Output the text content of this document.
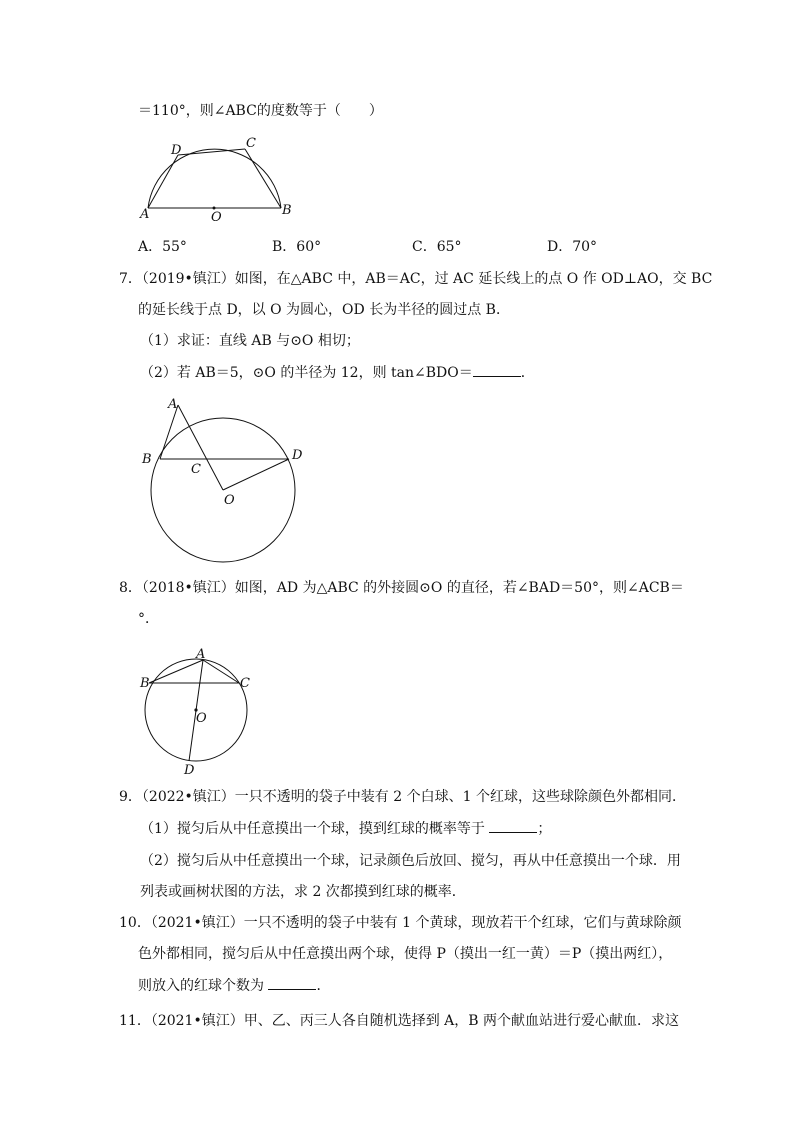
＝110°，则∠ABC的度数等于（　　）
A	B
C
D
O
A．55°	B．60°	C．65°	D．70°
7．（2019•镇江）如图，在△ABC 中，AB＝AC，过 AC 延长线上的点 O 作 OD⊥AO，交 BC
的延长线于点 D，以 O 为圆心，OD 长为半径的圆过点 B．
（1）求证：直线 AB 与⊙O 相切；
（2）若 AB＝5，⊙O 的半径为 12，则 tan∠BDO＝	．
A
B
C
D
O
8．（2018•镇江）如图，AD 为△ABC 的外接圆⊙O 的直径，若∠BAD＝50°，则∠ACB＝
°．
A
B	C
D
O
9．（2022•镇江）一只不透明的袋子中装有 2 个白球、1 个红球，这些球除颜色外都相同．
（1）搅匀后从中任意摸出一个球，摸到红球的概率等于	；
（2）搅匀后从中任意摸出一个球，记录颜色后放回、搅匀，再从中任意摸出一个球．用
列表或画树状图的方法，求 2 次都摸到红球的概率．
10．（2021•镇江）一只不透明的袋子中装有 1 个黄球，现放若干个红球，它们与黄球除颜
色外都相同，搅匀后从中任意摸出两个球，使得 P（摸出一红一黄）＝P（摸出两红），
则放入的红球个数为	．
11．（2021•镇江）甲、乙、丙三人各自随机选择到 A，B 两个献血站进行爱心献血．求这
